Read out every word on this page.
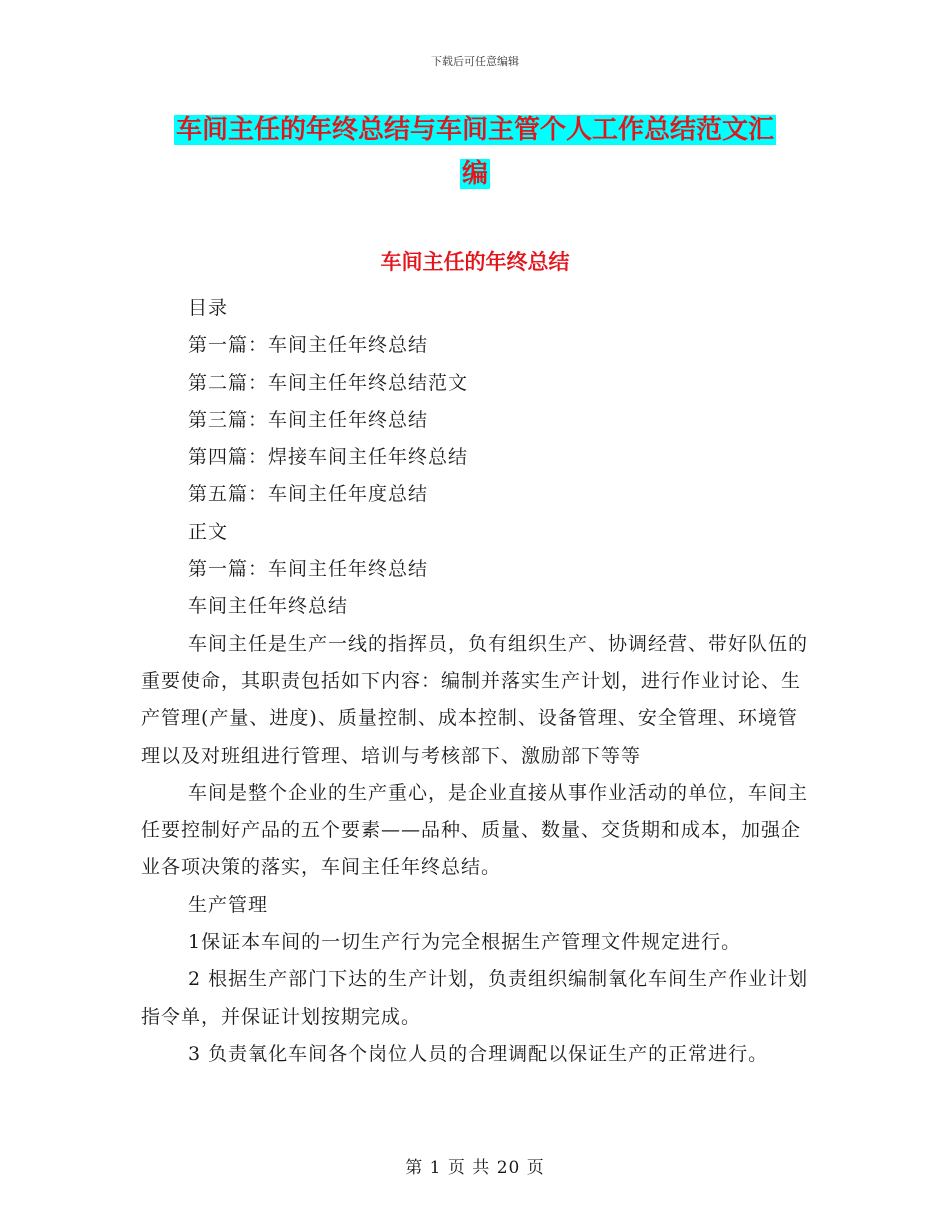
下载后可任意编辑
车间主任的年终总结与车间主管个人工作总结范文汇
编
车间主任的年终总结

目录

第一篇：车间主任年终总结

第二篇：车间主任年终总结范文

第三篇：车间主任年终总结

第四篇：焊接车间主任年终总结

第五篇：车间主任年度总结

正文

第一篇：车间主任年终总结

车间主任年终总结

车间主任是生产一线的指挥员，负有组织生产、协调经营、带好队伍的重要使命，其职责包括如下内容：编制并落实生产计划，进行作业讨论、生产管理(产量、进度)、质量控制、成本控制、设备管理、安全管理、环境管理以及对班组进行管理、培训与考核部下、激励部下等等

车间是整个企业的生产重心，是企业直接从事作业活动的单位，车间主任要控制好产品的五个要素——品种、质量、数量、交货期和成本，加强企业各项决策的落实，车间主任年终总结。

生产管理

1保证本车间的一切生产行为完全根据生产管理文件规定进行。

2 根据生产部门下达的生产计划，负责组织编制氧化车间生产作业计划指令单，并保证计划按期完成。

3 负责氧化车间各个岗位人员的合理调配以保证生产的正常进行。

第 1 页 共 20 页
